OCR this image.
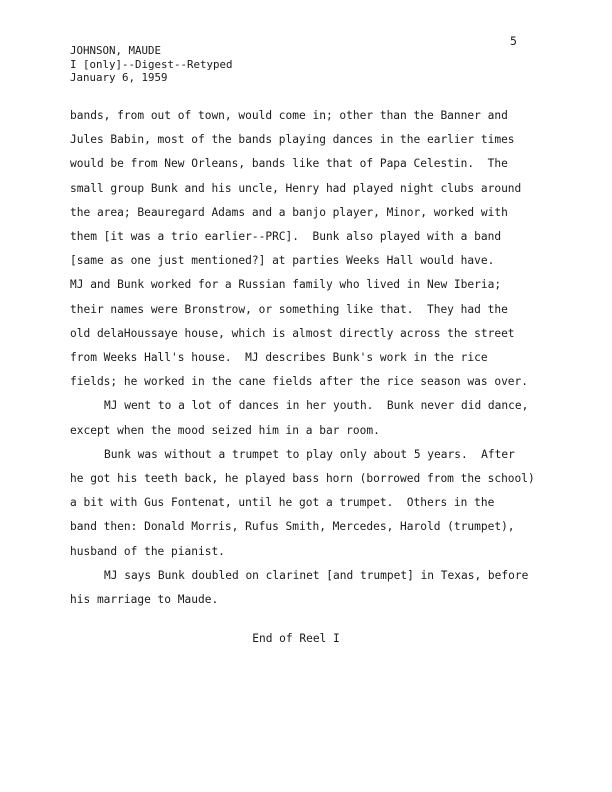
5
JOHNSON, MAUDE
I [only]--Digest--Retyped
January 6, 1959
bands, from out of town, would come in; other than the Banner and
Jules Babin, most of the bands playing dances in the earlier times
would be from New Orleans, bands like that of Papa Celestin.  The
small group Bunk and his uncle, Henry had played night clubs around
the area; Beauregard Adams and a banjo player, Minor, worked with
them [it was a trio earlier--PRC].  Bunk also played with a band
[same as one just mentioned?] at parties Weeks Hall would have.
MJ and Bunk worked for a Russian family who lived in New Iberia;
their names were Bronstrow, or something like that.  They had the
old delaHoussaye house, which is almost directly across the street
from Weeks Hall's house.  MJ describes Bunk's work in the rice
fields; he worked in the cane fields after the rice season was over.
MJ went to a lot of dances in her youth.  Bunk never did dance,
except when the mood seized him in a bar room.
Bunk was without a trumpet to play only about 5 years.  After
he got his teeth back, he played bass horn (borrowed from the school)
a bit with Gus Fontenat, until he got a trumpet.  Others in the
band then: Donald Morris, Rufus Smith, Mercedes, Harold (trumpet),
husband of the pianist.
MJ says Bunk doubled on clarinet [and trumpet] in Texas, before
his marriage to Maude.
End of Reel I
